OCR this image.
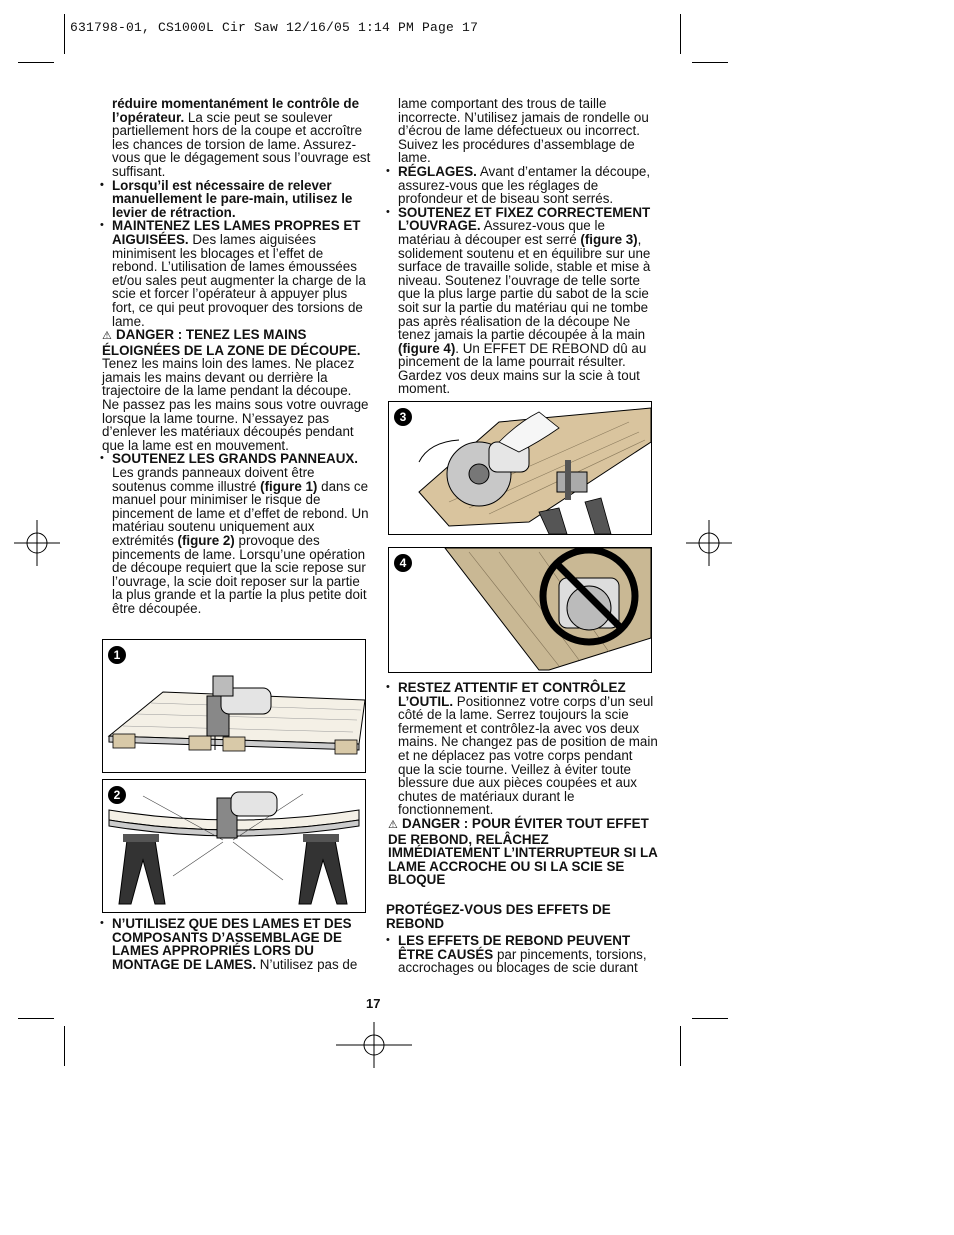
631798-01, CS1000L Cir Saw 12/16/05 1:14 PM Page 17

réduire momentanément le contrôle de l’opérateur. La scie peut se soulever partiellement hors de la coupe et accroître les chances de torsion de lame. Assurez-vous que le dégagement sous l’ouvrage est suffisant.

• Lorsqu’il est nécessaire de relever manuellement le pare-main, utilisez le levier de rétraction.

• MAINTENEZ LES LAMES PROPRES ET AIGUISÉES. Des lames aiguisées minimisent les blocages et l’effet de rebond. L’utilisation de lames émoussées et/ou sales peut augmenter la charge de la scie et forcer l’opérateur à appuyer plus fort, ce qui peut provoquer des torsions de lame.

⚠ DANGER : TENEZ LES MAINS ÉLOIGNÉES DE LA ZONE DE DÉCOUPE. Tenez les mains loin des lames. Ne placez jamais les mains devant ou derrière la trajectoire de la lame pendant la découpe. Ne passez pas les mains sous votre ouvrage lorsque la lame tourne. N’essayez pas d’enlever les matériaux découpés pendant que la lame est en mouvement.

• SOUTENEZ LES GRANDS PANNEAUX. Les grands panneaux doivent être soutenus comme illustré (figure 1) dans ce manuel pour minimiser le risque de pincement de lame et d’effet de rebond. Un matériau soutenu uniquement aux extrémités (figure 2) provoque des pincements de lame. Lorsqu’une opération de découpe requiert que la scie repose sur l’ouvrage, la scie doit reposer sur la partie la plus grande et la partie la plus petite doit être découpée.

1
2

• N’UTILISEZ QUE DES LAMES ET DES COMPOSANTS D’ASSEMBLAGE DE LAMES APPROPRIÉS LORS DU MONTAGE DE LAMES. N’utilisez pas de

lame comportant des trous de taille incorrecte. N’utilisez jamais de rondelle ou d’écrou de lame défectueux ou incorrect. Suivez les procédures d’assemblage de lame.

• RÉGLAGES. Avant d’entamer la découpe, assurez-vous que les réglages de profondeur et de biseau sont serrés.

• SOUTENEZ ET FIXEZ CORRECTEMENT L’OUVRAGE. Assurez-vous que le matériau à découper est serré (figure 3), solidement soutenu et en équilibre sur une surface de travaille solide, stable et mise à niveau. Soutenez l’ouvrage de telle sorte que la plus large partie du sabot de la scie soit sur la partie du matériau qui ne tombe pas après réalisation de la découpe Ne tenez jamais la partie découpée à la main (figure 4). Un EFFET DE REBOND dû au pincement de la lame pourrait résulter. Gardez vos deux mains sur la scie à tout moment.

3
4

• RESTEZ ATTENTIF ET CONTRÔLEZ L’OUTIL. Positionnez votre corps d’un seul côté de la lame. Serrez toujours la scie fermement et contrôlez-la avec vos deux mains. Ne changez pas de position de main et ne déplacez pas votre corps pendant que la scie tourne. Veillez à éviter toute blessure due aux pièces coupées et aux chutes de matériaux durant le fonctionnement.

⚠ DANGER : POUR ÉVITER TOUT EFFET DE REBOND, RELÂCHEZ IMMÉDIATEMENT L’INTERRUPTEUR SI LA LAME ACCROCHE OU SI LA SCIE SE BLOQUE

PROTÉGEZ-VOUS DES EFFETS DE REBOND

• LES EFFETS DE REBOND PEUVENT ÊTRE CAUSÉS par pincements, torsions, accrochages ou blocages de scie durant

17
